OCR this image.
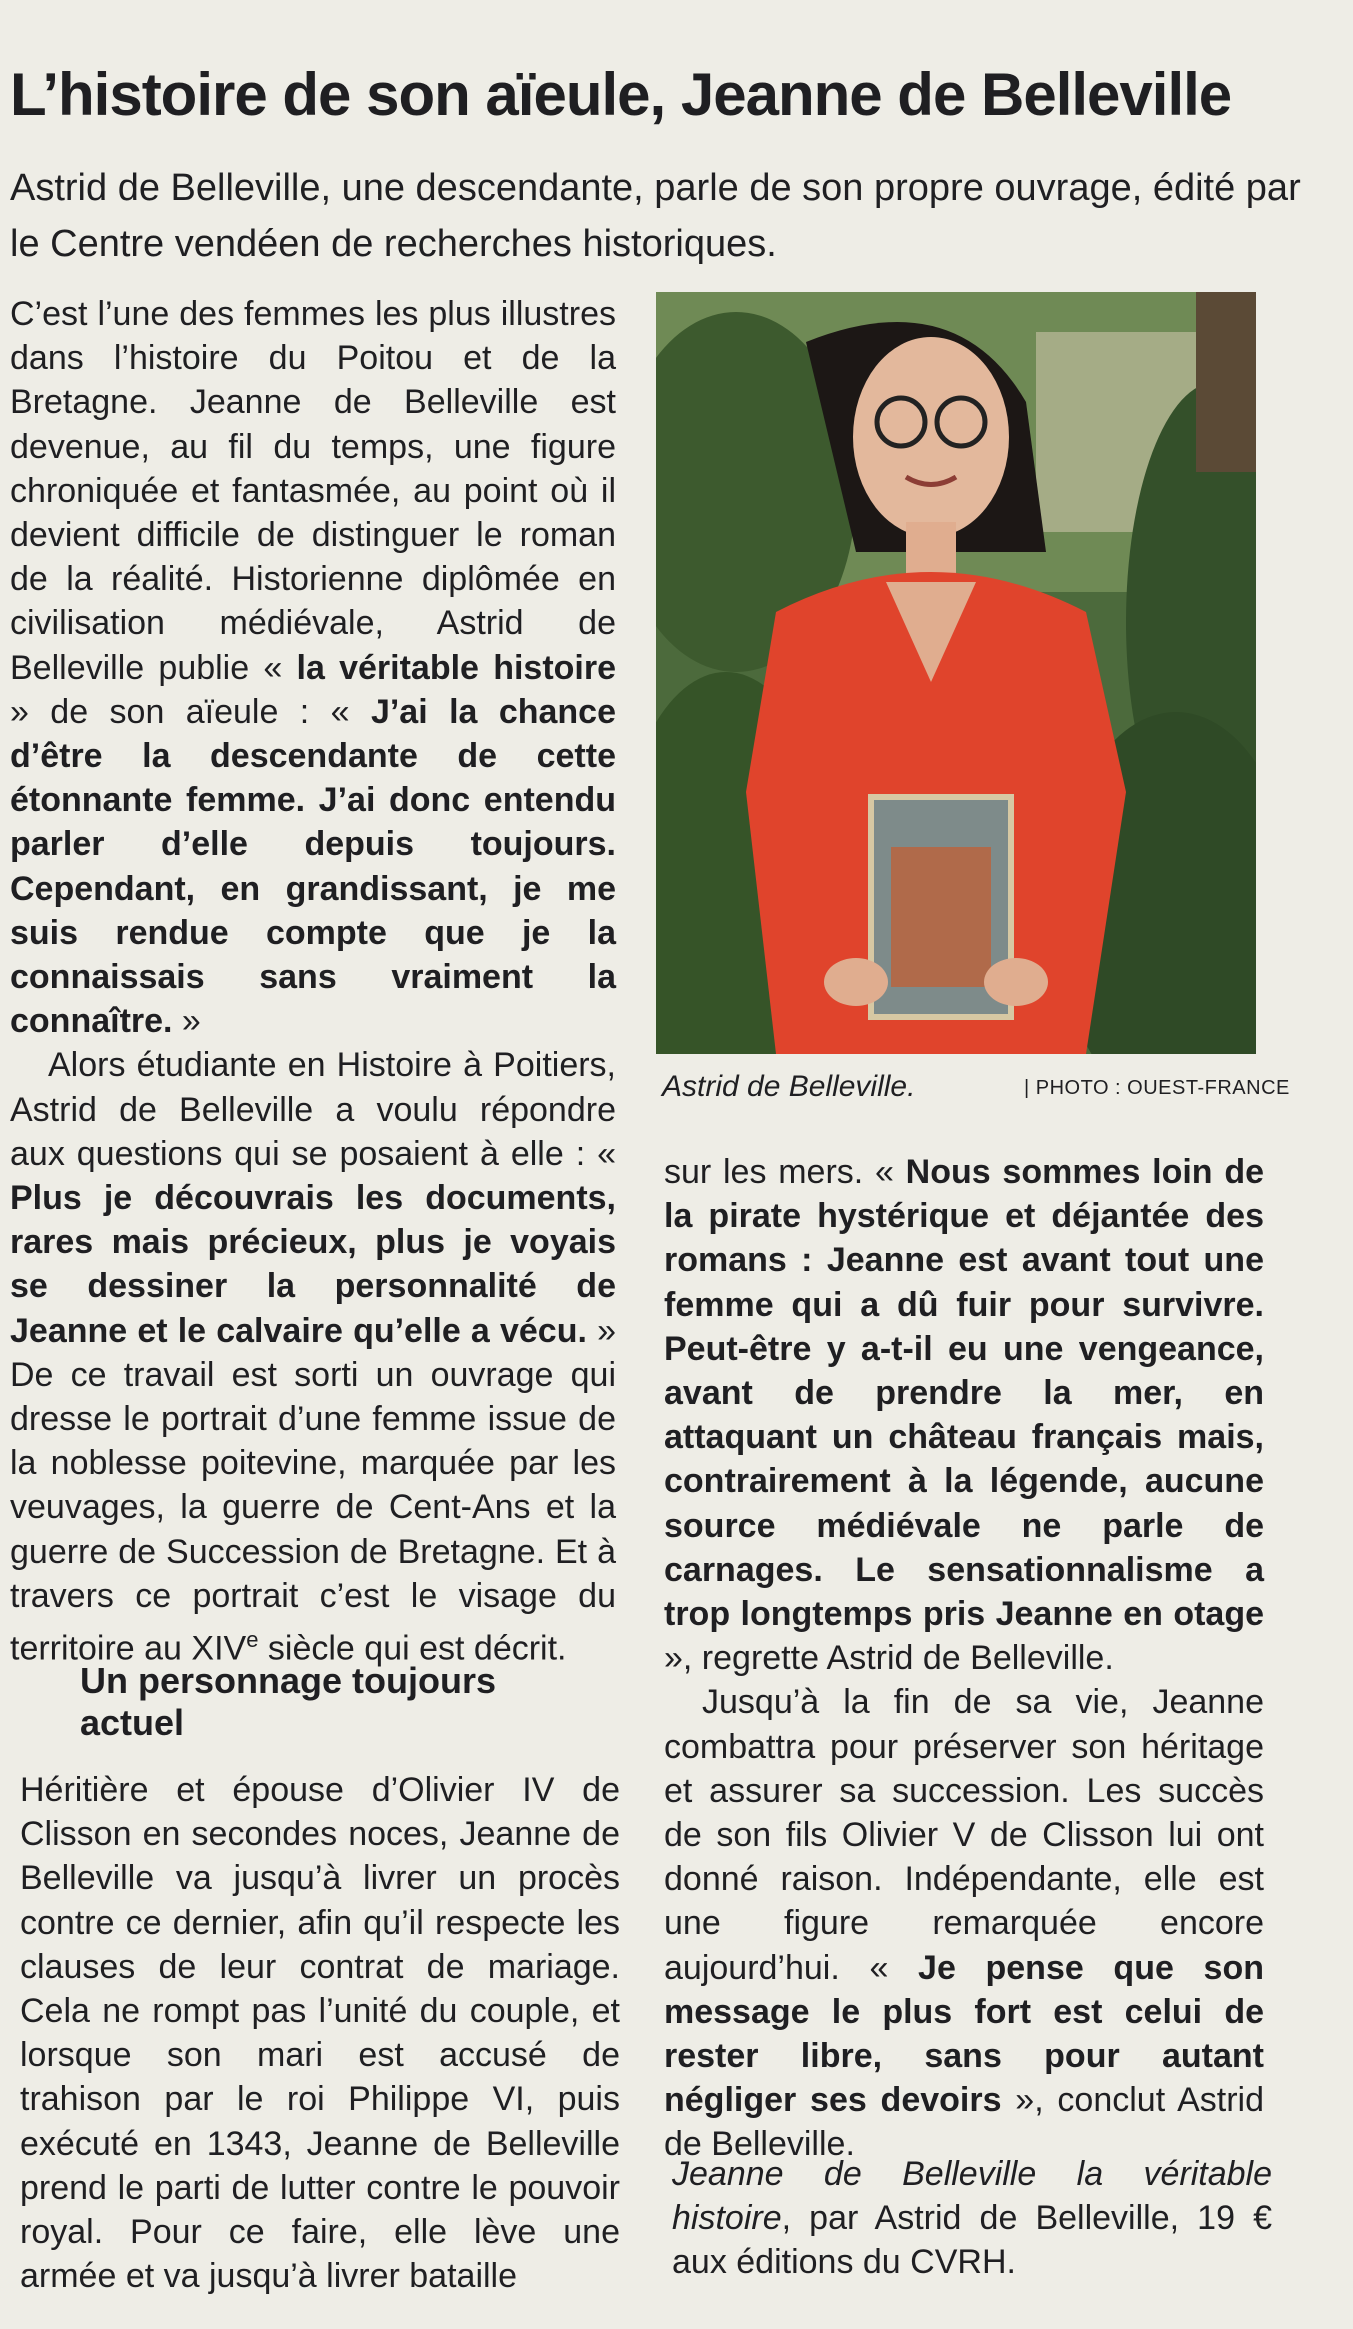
L’histoire de son aïeule, Jeanne de Belleville

Astrid de Belleville, une descendante, parle de son propre ouvrage, édité par le Centre vendéen de recherches historiques.

C’est l’une des femmes les plus illustres dans l’histoire du Poitou et de la Bretagne. Jeanne de Belleville est devenue, au fil du temps, une figure chroniquée et fantasmée, au point où il devient difficile de distinguer le roman de la réalité. Historienne diplômée en civilisation médiévale, Astrid de Belleville publie « la véritable histoire » de son aïeule : « J’ai la chance d’être la descendante de cette étonnante femme. J’ai donc entendu parler d’elle depuis toujours. Cependant, en grandissant, je me suis rendue compte que je la connaissais sans vraiment la connaître. »

Alors étudiante en Histoire à Poitiers, Astrid de Belleville a voulu répondre aux questions qui se posaient à elle : « Plus je découvrais les documents, rares mais précieux, plus je voyais se dessiner la personnalité de Jeanne et le calvaire qu’elle a vécu. » De ce travail est sorti un ouvrage qui dresse le portrait d’une femme issue de la noblesse poitevine, marquée par les veuvages, la guerre de Cent-Ans et la guerre de Succession de Bretagne. Et à travers ce portrait c’est le visage du territoire au XIVe siècle qui est décrit.

Un personnage toujours actuel

Héritière et épouse d’Olivier IV de Clisson en secondes noces, Jeanne de Belleville va jusqu’à livrer un procès contre ce dernier, afin qu’il respecte les clauses de leur contrat de mariage. Cela ne rompt pas l’unité du couple, et lorsque son mari est accusé de trahison par le roi Philippe VI, puis exécuté en 1343, Jeanne de Belleville prend le parti de lutter contre le pouvoir royal. Pour ce faire, elle lève une armée et va jusqu’à livrer bataille

Astrid de Belleville.	| PHOTO : OUEST-FRANCE

sur les mers. « Nous sommes loin de la pirate hystérique et déjantée des romans : Jeanne est avant tout une femme qui a dû fuir pour survivre. Peut-être y a-t-il eu une vengeance, avant de prendre la mer, en attaquant un château français mais, contrairement à la légende, aucune source médiévale ne parle de carnages. Le sensationnalisme a trop longtemps pris Jeanne en otage », regrette Astrid de Belleville.

Jusqu’à la fin de sa vie, Jeanne combattra pour préserver son héritage et assurer sa succession. Les succès de son fils Olivier V de Clisson lui ont donné raison. Indépendante, elle est une figure remarquée encore aujourd’hui. « Je pense que son message le plus fort est celui de rester libre, sans pour autant négliger ses devoirs », conclut Astrid de Belleville.

Jeanne de Belleville la véritable histoire, par Astrid de Belleville, 19 € aux éditions du CVRH.
